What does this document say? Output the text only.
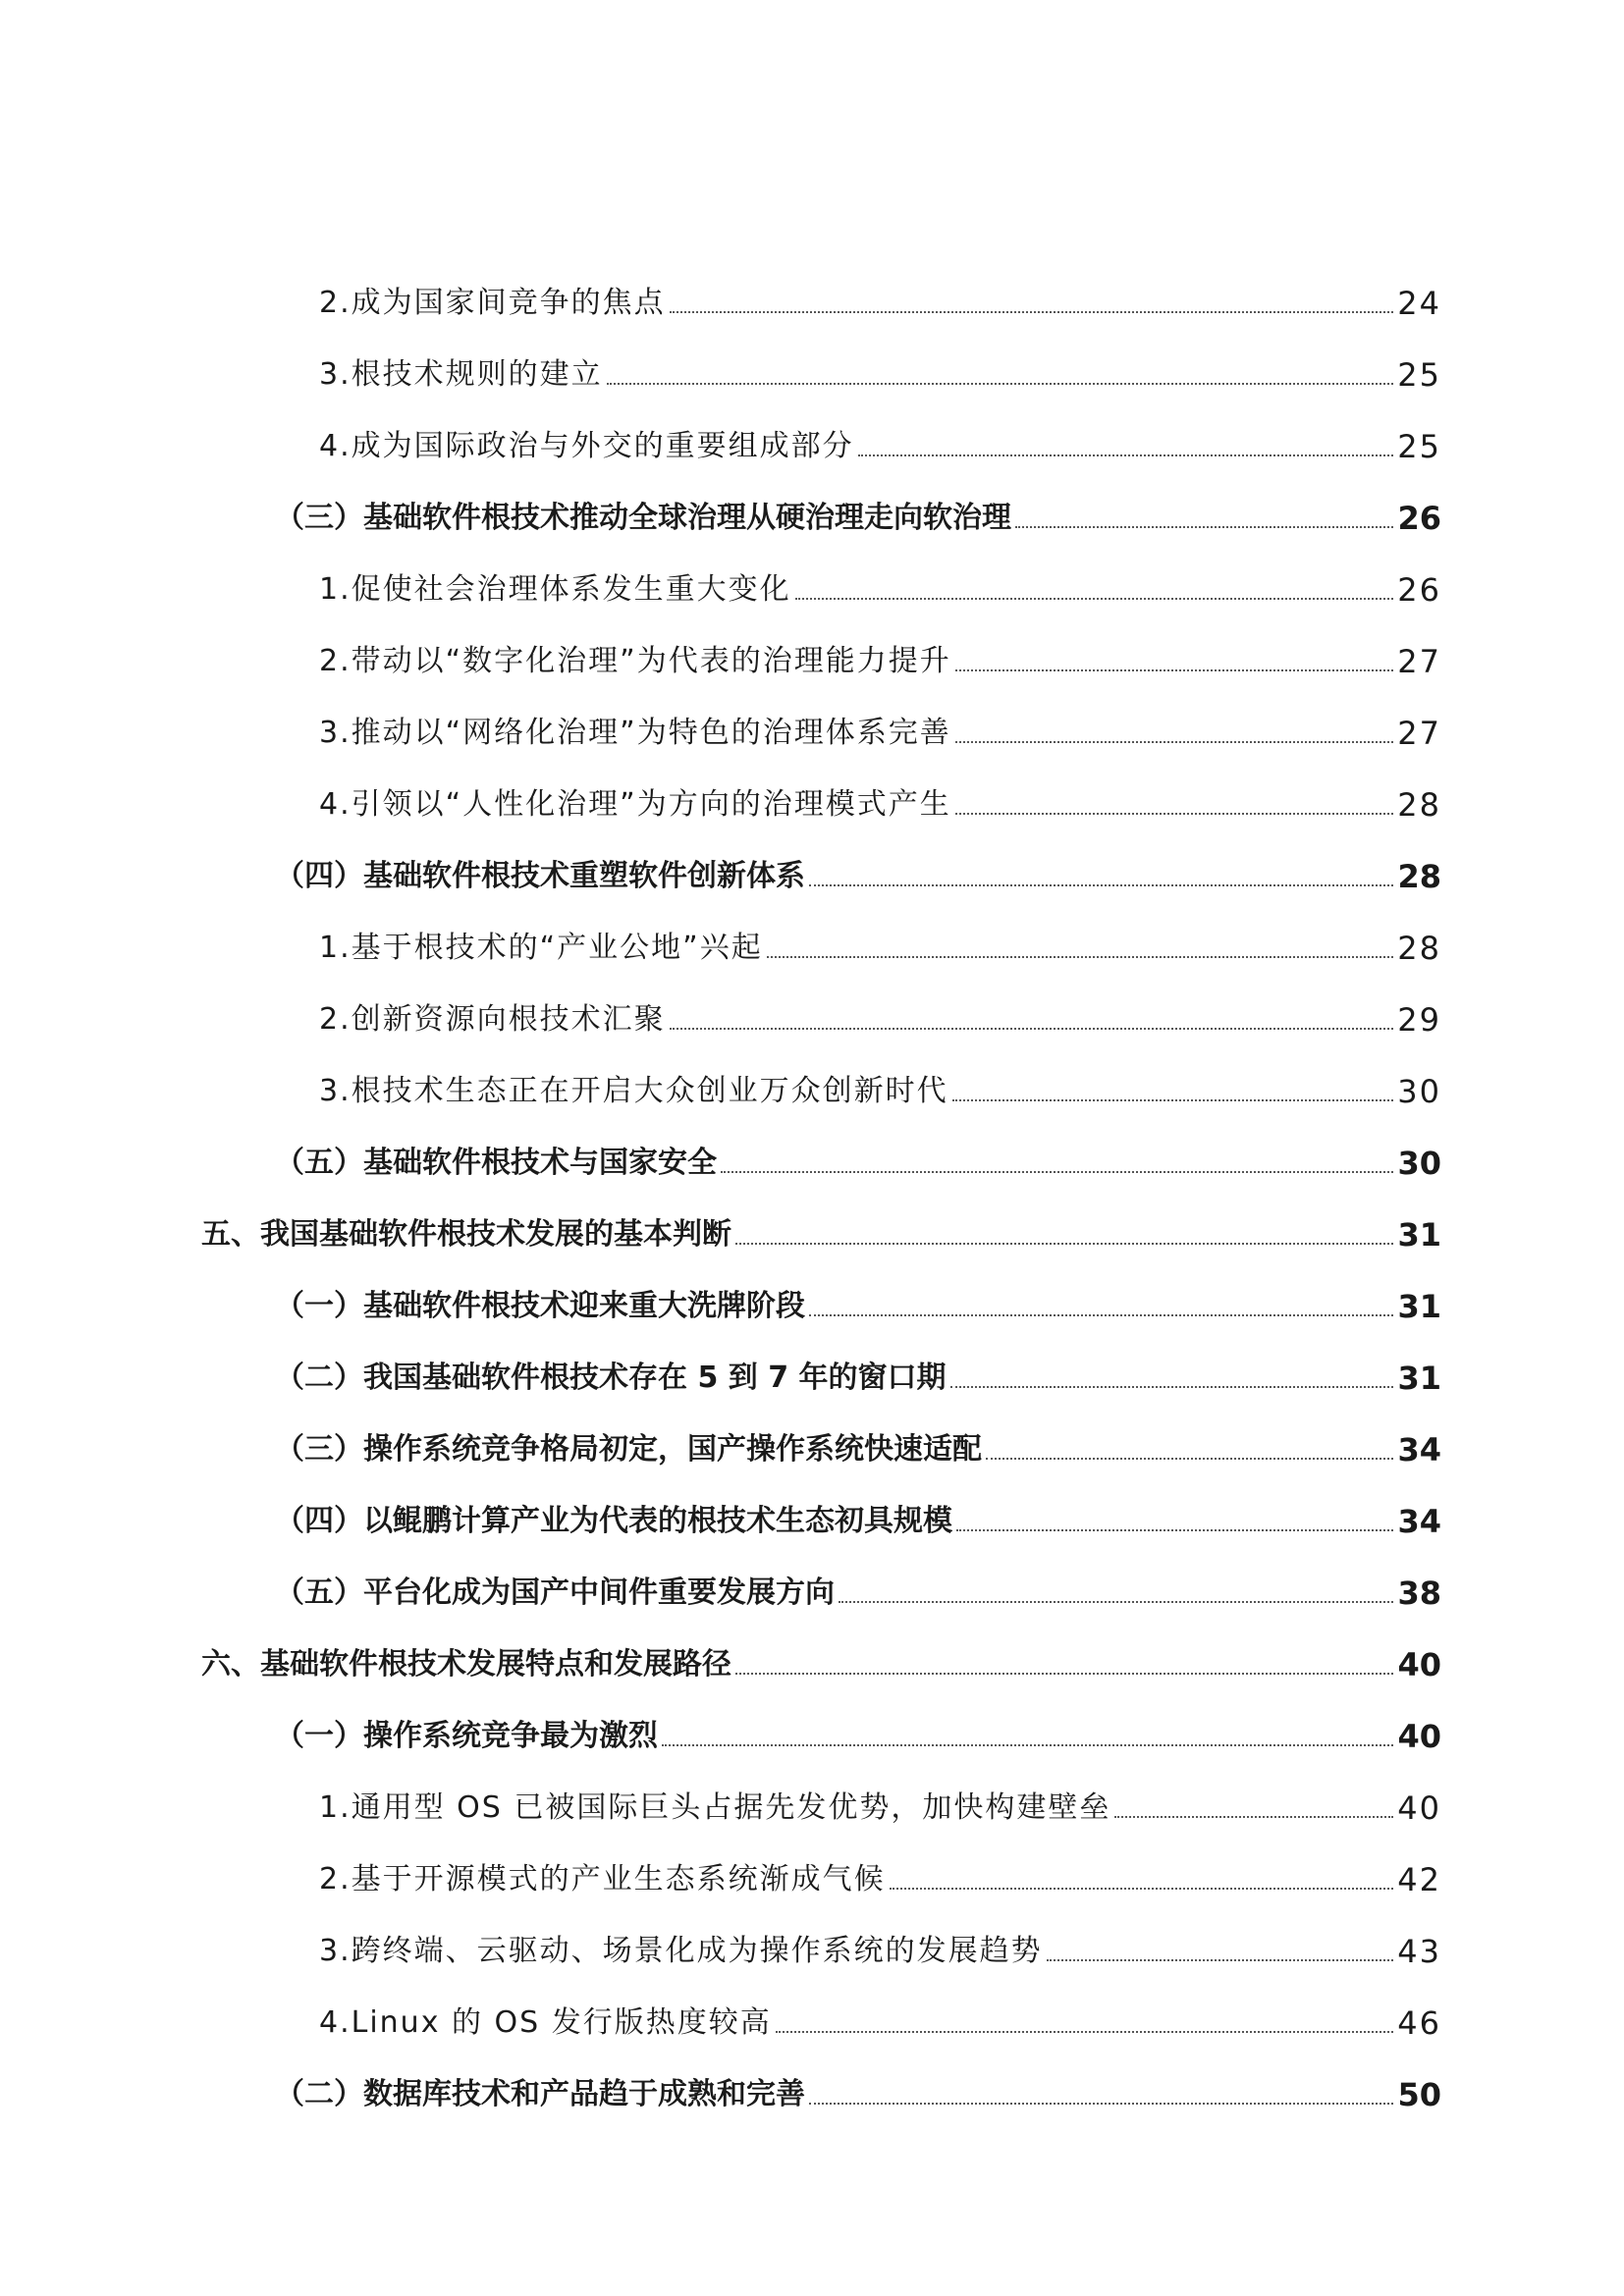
2.成为国家间竞争的焦点	24
3.根技术规则的建立	25
4.成为国际政治与外交的重要组成部分	25
（三）基础软件根技术推动全球治理从硬治理走向软治理	26
1.促使社会治理体系发生重大变化	26
2.带动以“数字化治理”为代表的治理能力提升	27
3.推动以“网络化治理”为特色的治理体系完善	27
4.引领以“人性化治理”为方向的治理模式产生	28
（四）基础软件根技术重塑软件创新体系	28
1.基于根技术的“产业公地”兴起	28
2.创新资源向根技术汇聚	29
3.根技术生态正在开启大众创业万众创新时代	30
（五）基础软件根技术与国家安全	30
五、我国基础软件根技术发展的基本判断	31
（一）基础软件根技术迎来重大洗牌阶段	31
（二）我国基础软件根技术存在 5 到 7 年的窗口期	31
（三）操作系统竞争格局初定，国产操作系统快速适配	34
（四）以鲲鹏计算产业为代表的根技术生态初具规模	34
（五）平台化成为国产中间件重要发展方向	38
六、基础软件根技术发展特点和发展路径	40
（一）操作系统竞争最为激烈	40
1.通用型 OS 已被国际巨头占据先发优势，加快构建壁垒	40
2.基于开源模式的产业生态系统渐成气候	42
3.跨终端、云驱动、场景化成为操作系统的发展趋势	43
4.Linux 的 OS 发行版热度较高	46
（二）数据库技术和产品趋于成熟和完善	50
